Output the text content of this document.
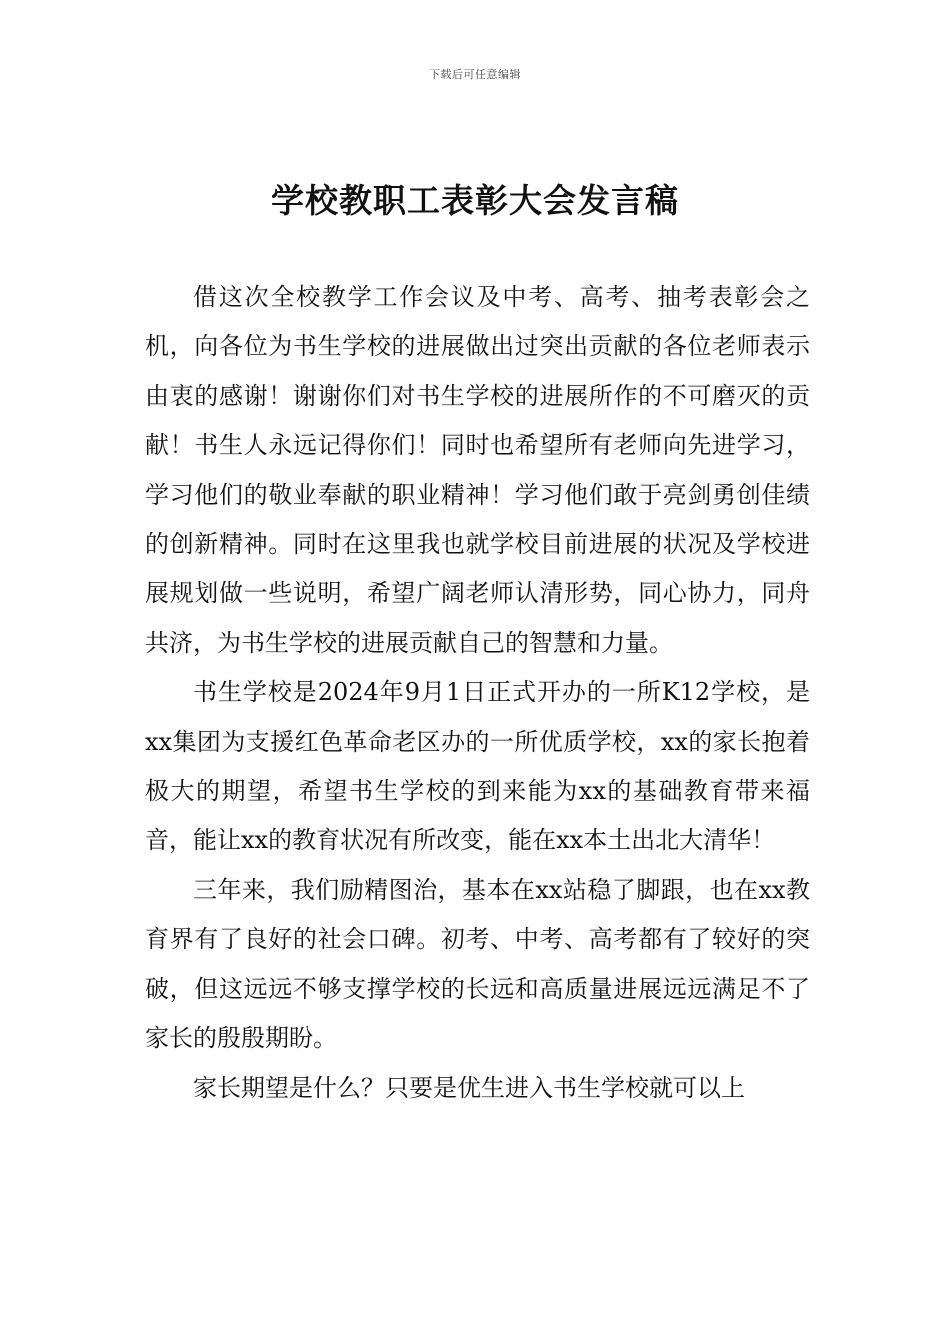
下载后可任意编辑
学校教职工表彰大会发言稿

借这次全校教学工作会议及中考、高考、抽考表彰会之机，向各位为书生学校的进展做出过突出贡献的各位老师表示由衷的感谢！谢谢你们对书生学校的进展所作的不可磨灭的贡献！书生人永远记得你们！同时也希望所有老师向先进学习，学习他们的敬业奉献的职业精神！学习他们敢于亮剑勇创佳绩的创新精神。同时在这里我也就学校目前进展的状况及学校进展规划做一些说明，希望广阔老师认清形势，同心协力，同舟共济，为书生学校的进展贡献自己的智慧和力量。

书生学校是2024年9月1日正式开办的一所K12学校，是xx集团为支援红色革命老区办的一所优质学校，xx的家长抱着极大的期望，希望书生学校的到来能为xx的基础教育带来福音，能让xx的教育状况有所改变，能在xx本土出北大清华！

三年来，我们励精图治，基本在xx站稳了脚跟，也在xx教育界有了良好的社会口碑。初考、中考、高考都有了较好的突破，但这远远不够支撑学校的长远和高质量进展远远满足不了家长的殷殷期盼。

家长期望是什么？只要是优生进入书生学校就可以上
